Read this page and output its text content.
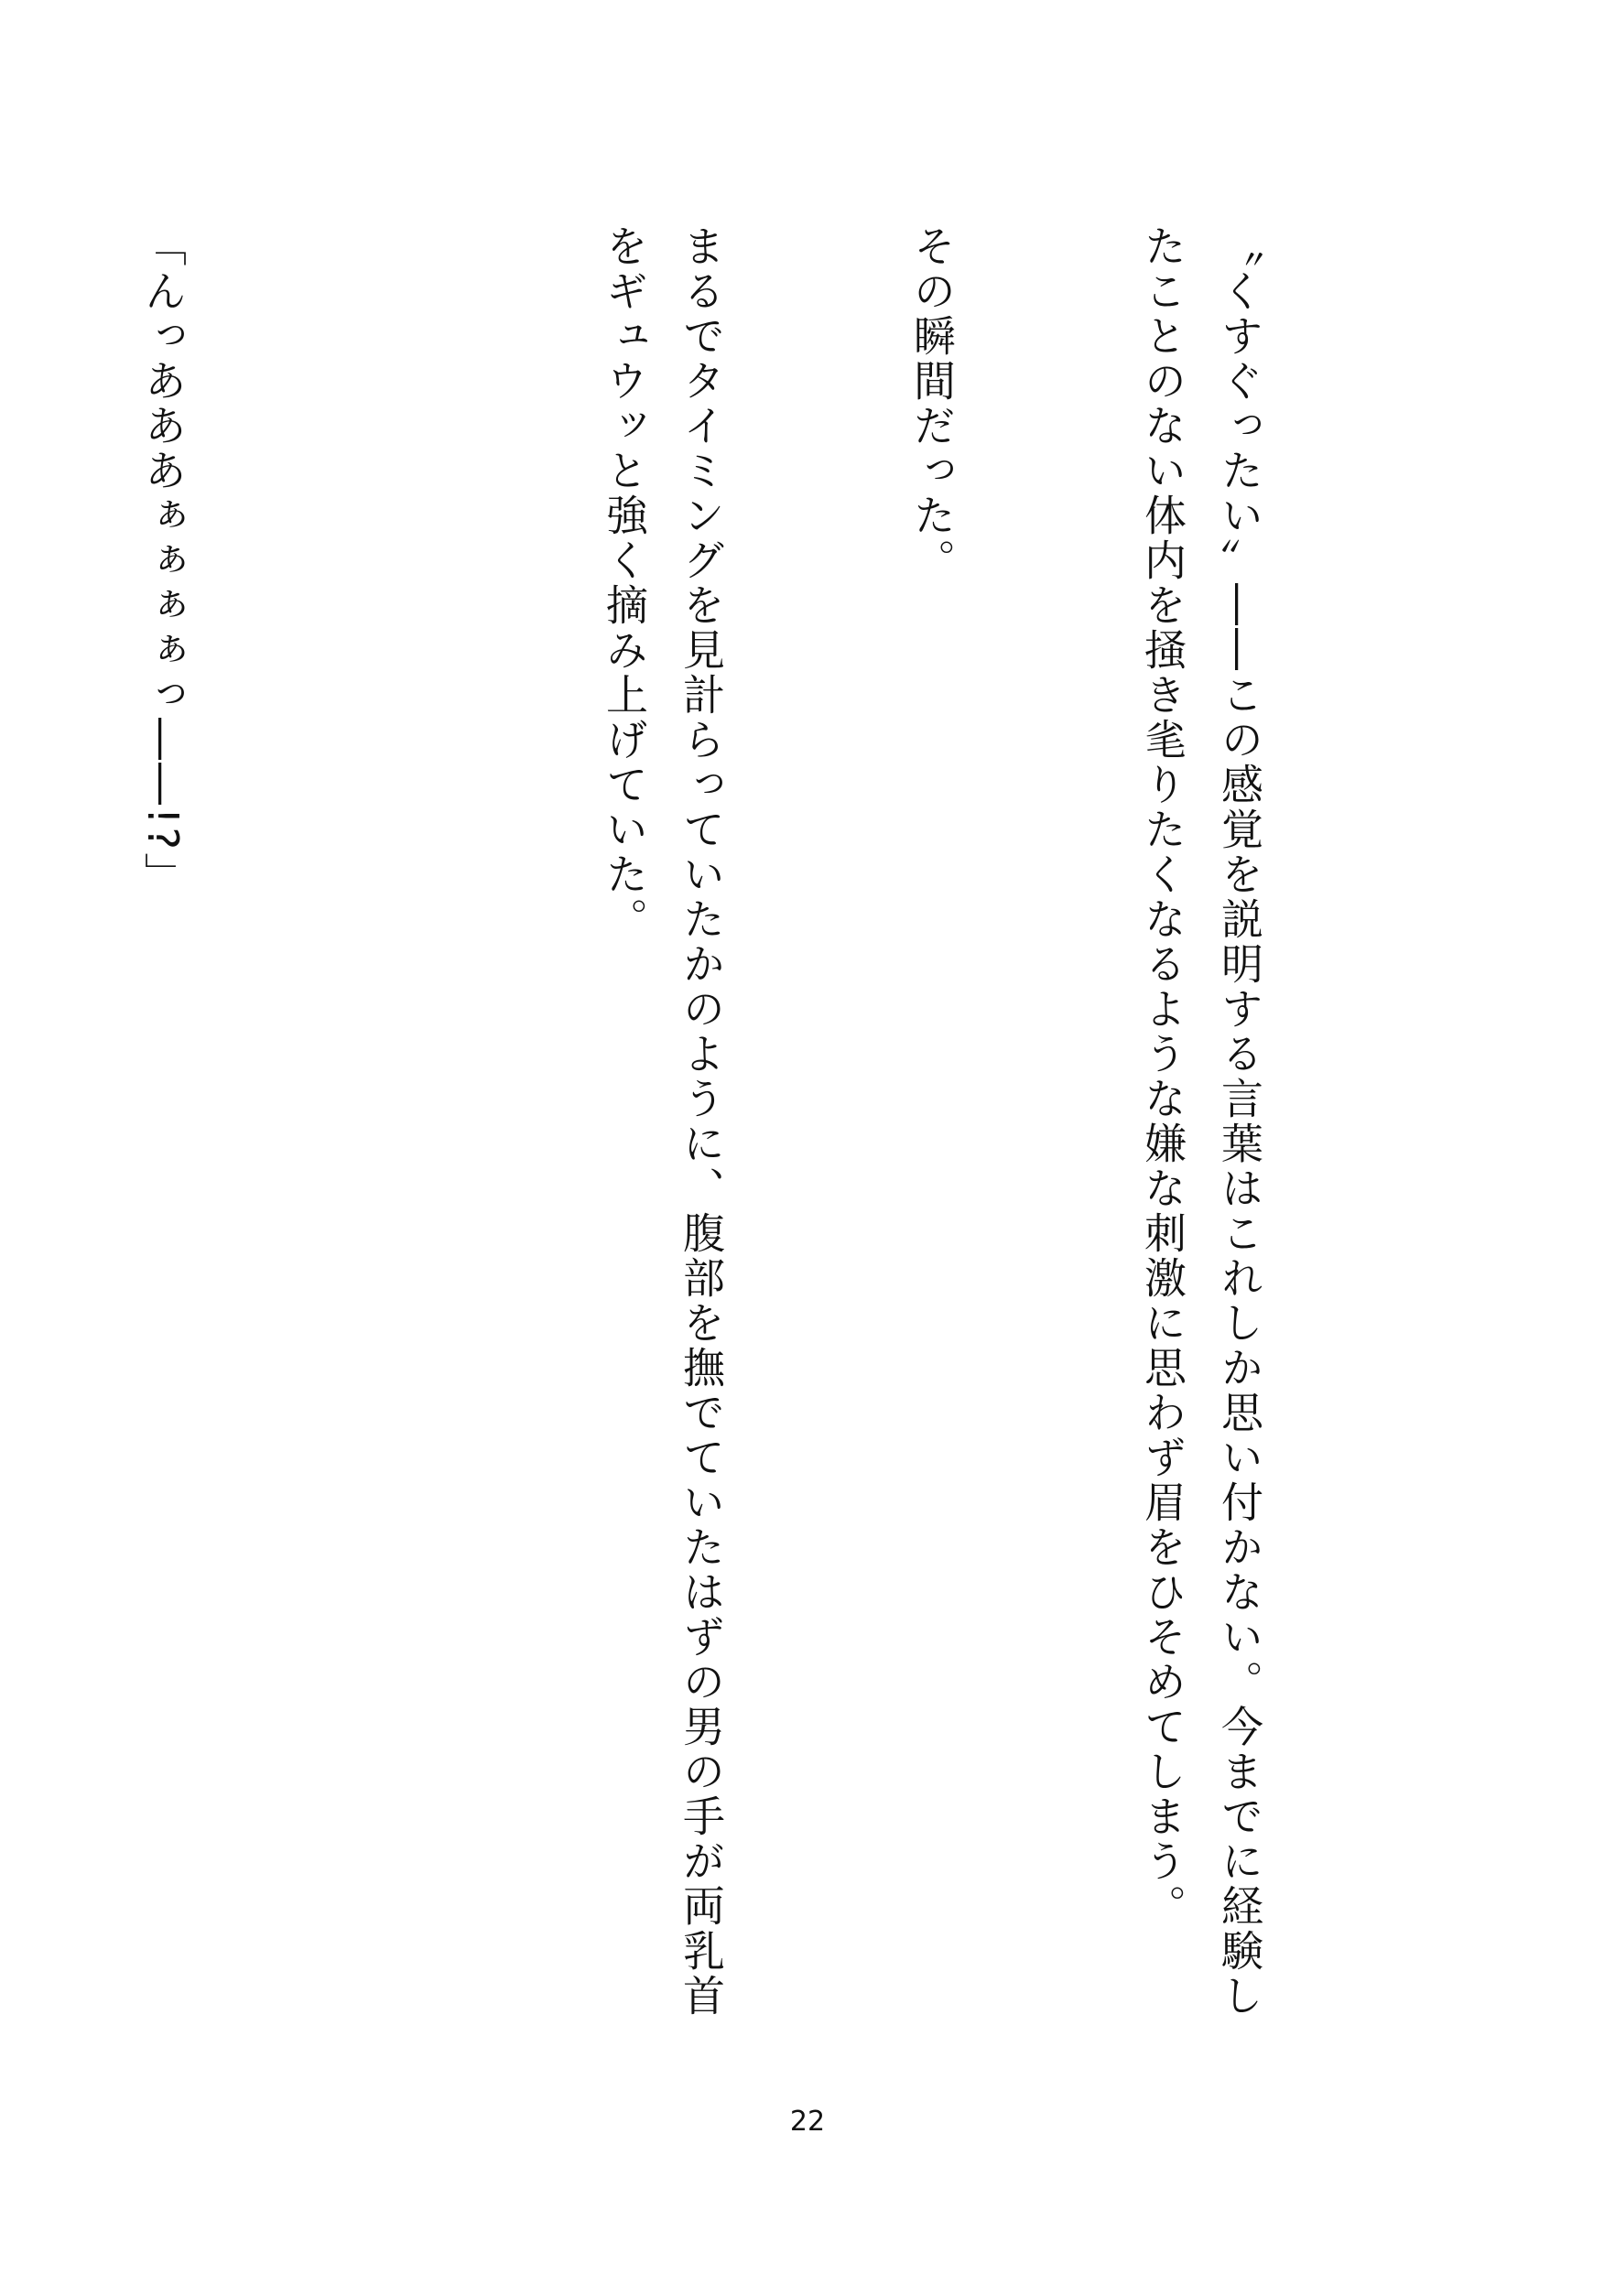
〝くすぐったい〟――この感覚を説明する言葉はこれしか思い付かない。今までに経験したことのない体内を掻き毟りたくなるような嫌な刺激に思わず眉をひそめてしまう。

その瞬間だった。

まるでタイミングを見計らっていたかのように、腹部を撫でていたはずの男の手が両乳首をギュウッと強く摘み上げていた。

「んっあああぁぁぁぁっ――!?」

22
